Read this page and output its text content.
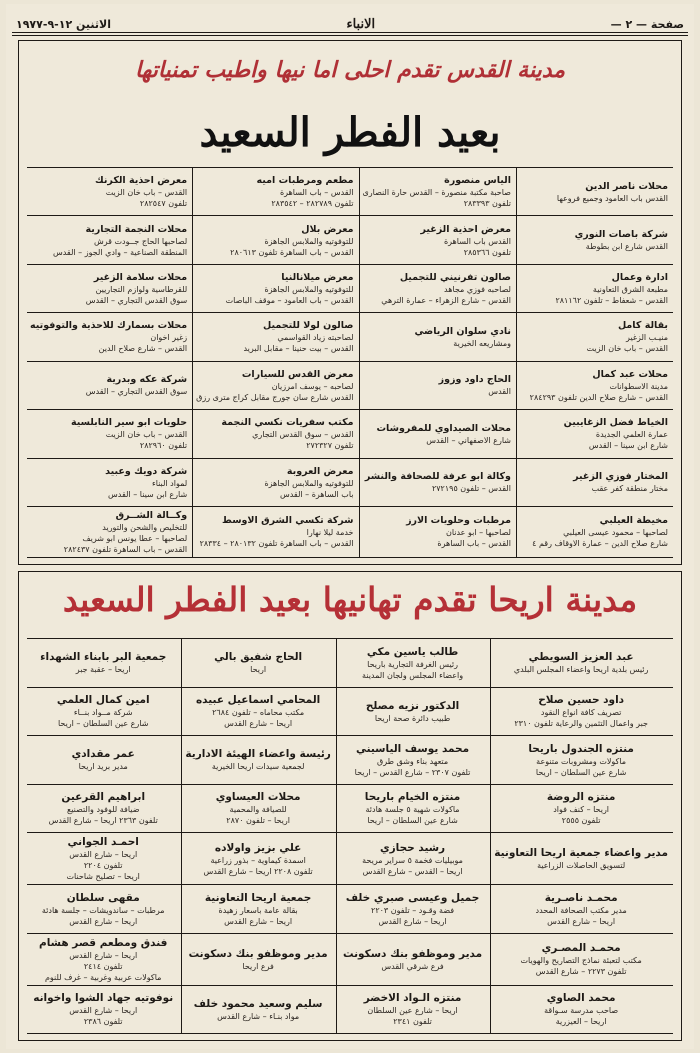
صفحة — ٢ —
الانباء
الاثنين ١٢-٩-١٩٧٧
مدينة القدس تقدم احلى اما نيها واطيب تمنياتها
بعيد الفطر السعيد
محلات ناصر الدين
القدس باب العامود وجميع فروعها
الياس منصورة
صاحبة مكتبة منصورة – القدس حارة النصارى
تلفون ٢٨٣٣٩٣
مطعم ومرطبات اميه
القدس – باب الساهرة
تلفون ٢٨٢٧٨٩ – ٢٨٣٥٤٢
معرض احذية الكرنك
القدس – باب خان الزيت
تلفون ٢٨٢٥٤٧
شركة باصات النوري
القدس شارع ابن بطوطة
معرض احذية الزغير
القدس باب الساهرة
تلفون ٢٨٥٣٦٦
معرض بلال
للتوفوتيه والملابس الجاهزة
القدس – باب الساهرة تلفون ٢٨٠٦١٣
محلات النجمة التجارية
لصاحبها الحاج جــودت قرش
المنطقة الصناعية – وادي الجوز – القدس
ادارة وعمال
مطبعة الشرق التعاونية
القدس – شعفاط – تلفون ٢٨١١٦٢
صالون تفرنيني للتجميل
لصاحبه فوزي مجاهد
القدس – شارع الزهراء – عمارة الترهي
معرض ميلانالنيا
للتوفوتيه والملابس الجاهزة
القدس – باب العامود – موقف الباصات
محلات سلامة الزغير
للقرطاسية ولوازم التجاريين
سوق القدس التجاري – القدس
بقالة كامل
منيـب الزغير
القدس – باب خان الزيت
نادي سلوان الرياضي
ومشاريعه الخيرية
صالون لولا للتجميل
لصاحبته زياد القواسمي
القدس – بيت حنينا – مقابل البريد
محلات بسمارك للاحذية والتوفوتيه
زغير اخوان
القدس – شارع صلاح الدين
محلات عبد كمال
مدينة الاسطوانات
القدس – شارع صلاح الدين تلفون ٢٨٤٢٩٣
الحاج داود وزوز
القدس
معرض القدس للسيارات
لصاحبه – يوسف امرزيان
القدس شارع سان جورج مقابل كراج مترى رزق
شركة عكه وبدرية
سوق القدس التجاري – القدس
الخياط فضل الزغايبين
عمارة العلمي الجديدة
شارع ابن سينا – القدس
محلات الصيداوي للمفروشات
شارع الاصفهاني – القدس
مكتب سفريات نكسي النجمة
القدس – سوق القدس التجاري
تلفون ٢٧٢٣٢٧
حلويات ابو سير النابلسية
القدس – باب خان الزيت
تلفون ٢٨٢٩٦٠
المختار فوزي الزغير
مختار منطقة كفر عقب
وكالة ابو عرفة للصحافة والنشر
القدس – تلفون ٢٧٢١٩٥
معرض العروبة
للتوفوتيه والملابس الجاهزة
باب الساهرة – القدس
شركة دويك وعبيد
لمواد البناء
شارع ابن سينا – القدس
مخيطة العيلبي
لصاحبها – محمود عيسى العيلبي
شارع صلاح الدين – عمارة الاوقاف رقم ٤
مرطبات وحلويات الارز
لصاحبها – ابو عدنان
القدس – باب الساهرة
شركة تكسي الشرق الاوسط
خدمة ليلا نهارا
القدس – باب الساهرة تلفون ٢٨٠١٣٢ – ٢٨٣٣٤
وكــالة الشــرق
للتخليص والشحن والتوريد
لصاحبها – عطا يونس ابو شريف
القدس – باب الساهرة تلفون ٢٨٢٤٣٧
مدينة اريحا تقدم تهانيها بعيد الفطر السعيد
عبد العزيز السويطي
رئيس بلدية اريحا واعضاء المجلس البلدي
طالب ياسين مكي
رئيس الغرفة التجارية باريحا
واعضاء المجلس ولجان المدينة
الحاج شفيق بالي
اريحا
جمعية البر بابناء الشهداء
اريحا – عقبة جبر
داود حسين صلاح
تصريف كافة انواع النقود
جبر واعمال التثمين والرعاية تلفون ٢٣١٠
الدكتور نزيه مصلح
طبيب دائرة صحة اريحا
المحامي اسماعيل عبيده
مكتب محاماه – تلفون ٢٦٨٤
اريحا – شارع القدس
امين كمال العلمي
شركة مــواد بنــاء
شارع عين السلطان – اريحا
منتزه الجندول باريحا
ماكولات ومشروبات متنوعة
شارع عين السلطان – اريحا
محمد يوسف الياسيني
متعهد بناء وشق طرق
تلفون ٢٣٠٧ – شارع القدس – اريحا
رئيسة واعضاء الهيئة الادارية
لجمعية سيدات اريحا الخيرية
عمر مقدادي
مدير بريد اريحا
منتزه الروضة
اريحا – كنف فواد
تلفون ٢٥٥٥
منتزه الخيام باريحا
ماكولات شهية ٥ جلسة هادئة
شارع عين السلطان – اريحا
محلات العيساوي
للصيافة والمحمية
اريحا – تلفون ٢٨٧٠
ابراهيم القرعين
ضيافة للوفود والتصنيع
تلفون ٢٣٦٣ اريحا – شارع القدس
مدير واعضاء جمعية اريحا التعاونية
لتسويق الحاصلات الزراعية
رشيد حجازي
موبيليات فخمة ٥ سراير مريحة
اريحا – القدس – شارع القدس
علي بزيز واولاده
اسمدة كيماوية – بذور زراعية
تلفون ٢٢٠٨ اريحا – شارع القدس
احمـد الجواني
اريحا – شارع القدس
تلفون ٢٢٠٤
اريحا – تصليح شاحنات
محمـد ناصـرية
مدير مكتب الصحافة المحدد
اريحا – شارع القدس
جميل وعيسى صبري خلف
فضة وقـود – تلفون ٢٢٠٣
اريحا – شارع القدس
جمعية اريحا التعاونية
بقالة عامة باسعار زهيدة
اريحا – شارع القدس
مقهى سلطان
مرطبات – ساندويشات – جلسة هادئة
اريحا – شارع القدس
محمـد المصـري
مكتب لتعبئة نماذج التصاريح والهويات
تلفون ٢٢٧٣ – شارع القدس
مدير وموظفو بنك دسكونت
فرع شرقي القدس
مدير وموظفو بنك دسكونت
فرع اريحا
فندق ومطعم قصر هشام
اريحا – شارع القدس
تلفون ٢٤١٤
ماكولات عربية وغربية – غرف للنوم
محمد الصاوي
صاحب مدرسة سـواقة
اريحا – العيزرية
منتزه الـواد الاخضر
اريحا – شارع عين السلطان
تلفون ٢٣٤١
سليم وسعيد محمود خلف
مواد بنـاء – شارع القدس
نوفوتيه جهاد الشوا واخوانه
اريحا – شارع القدس
تلفون ٢٣٨٦
